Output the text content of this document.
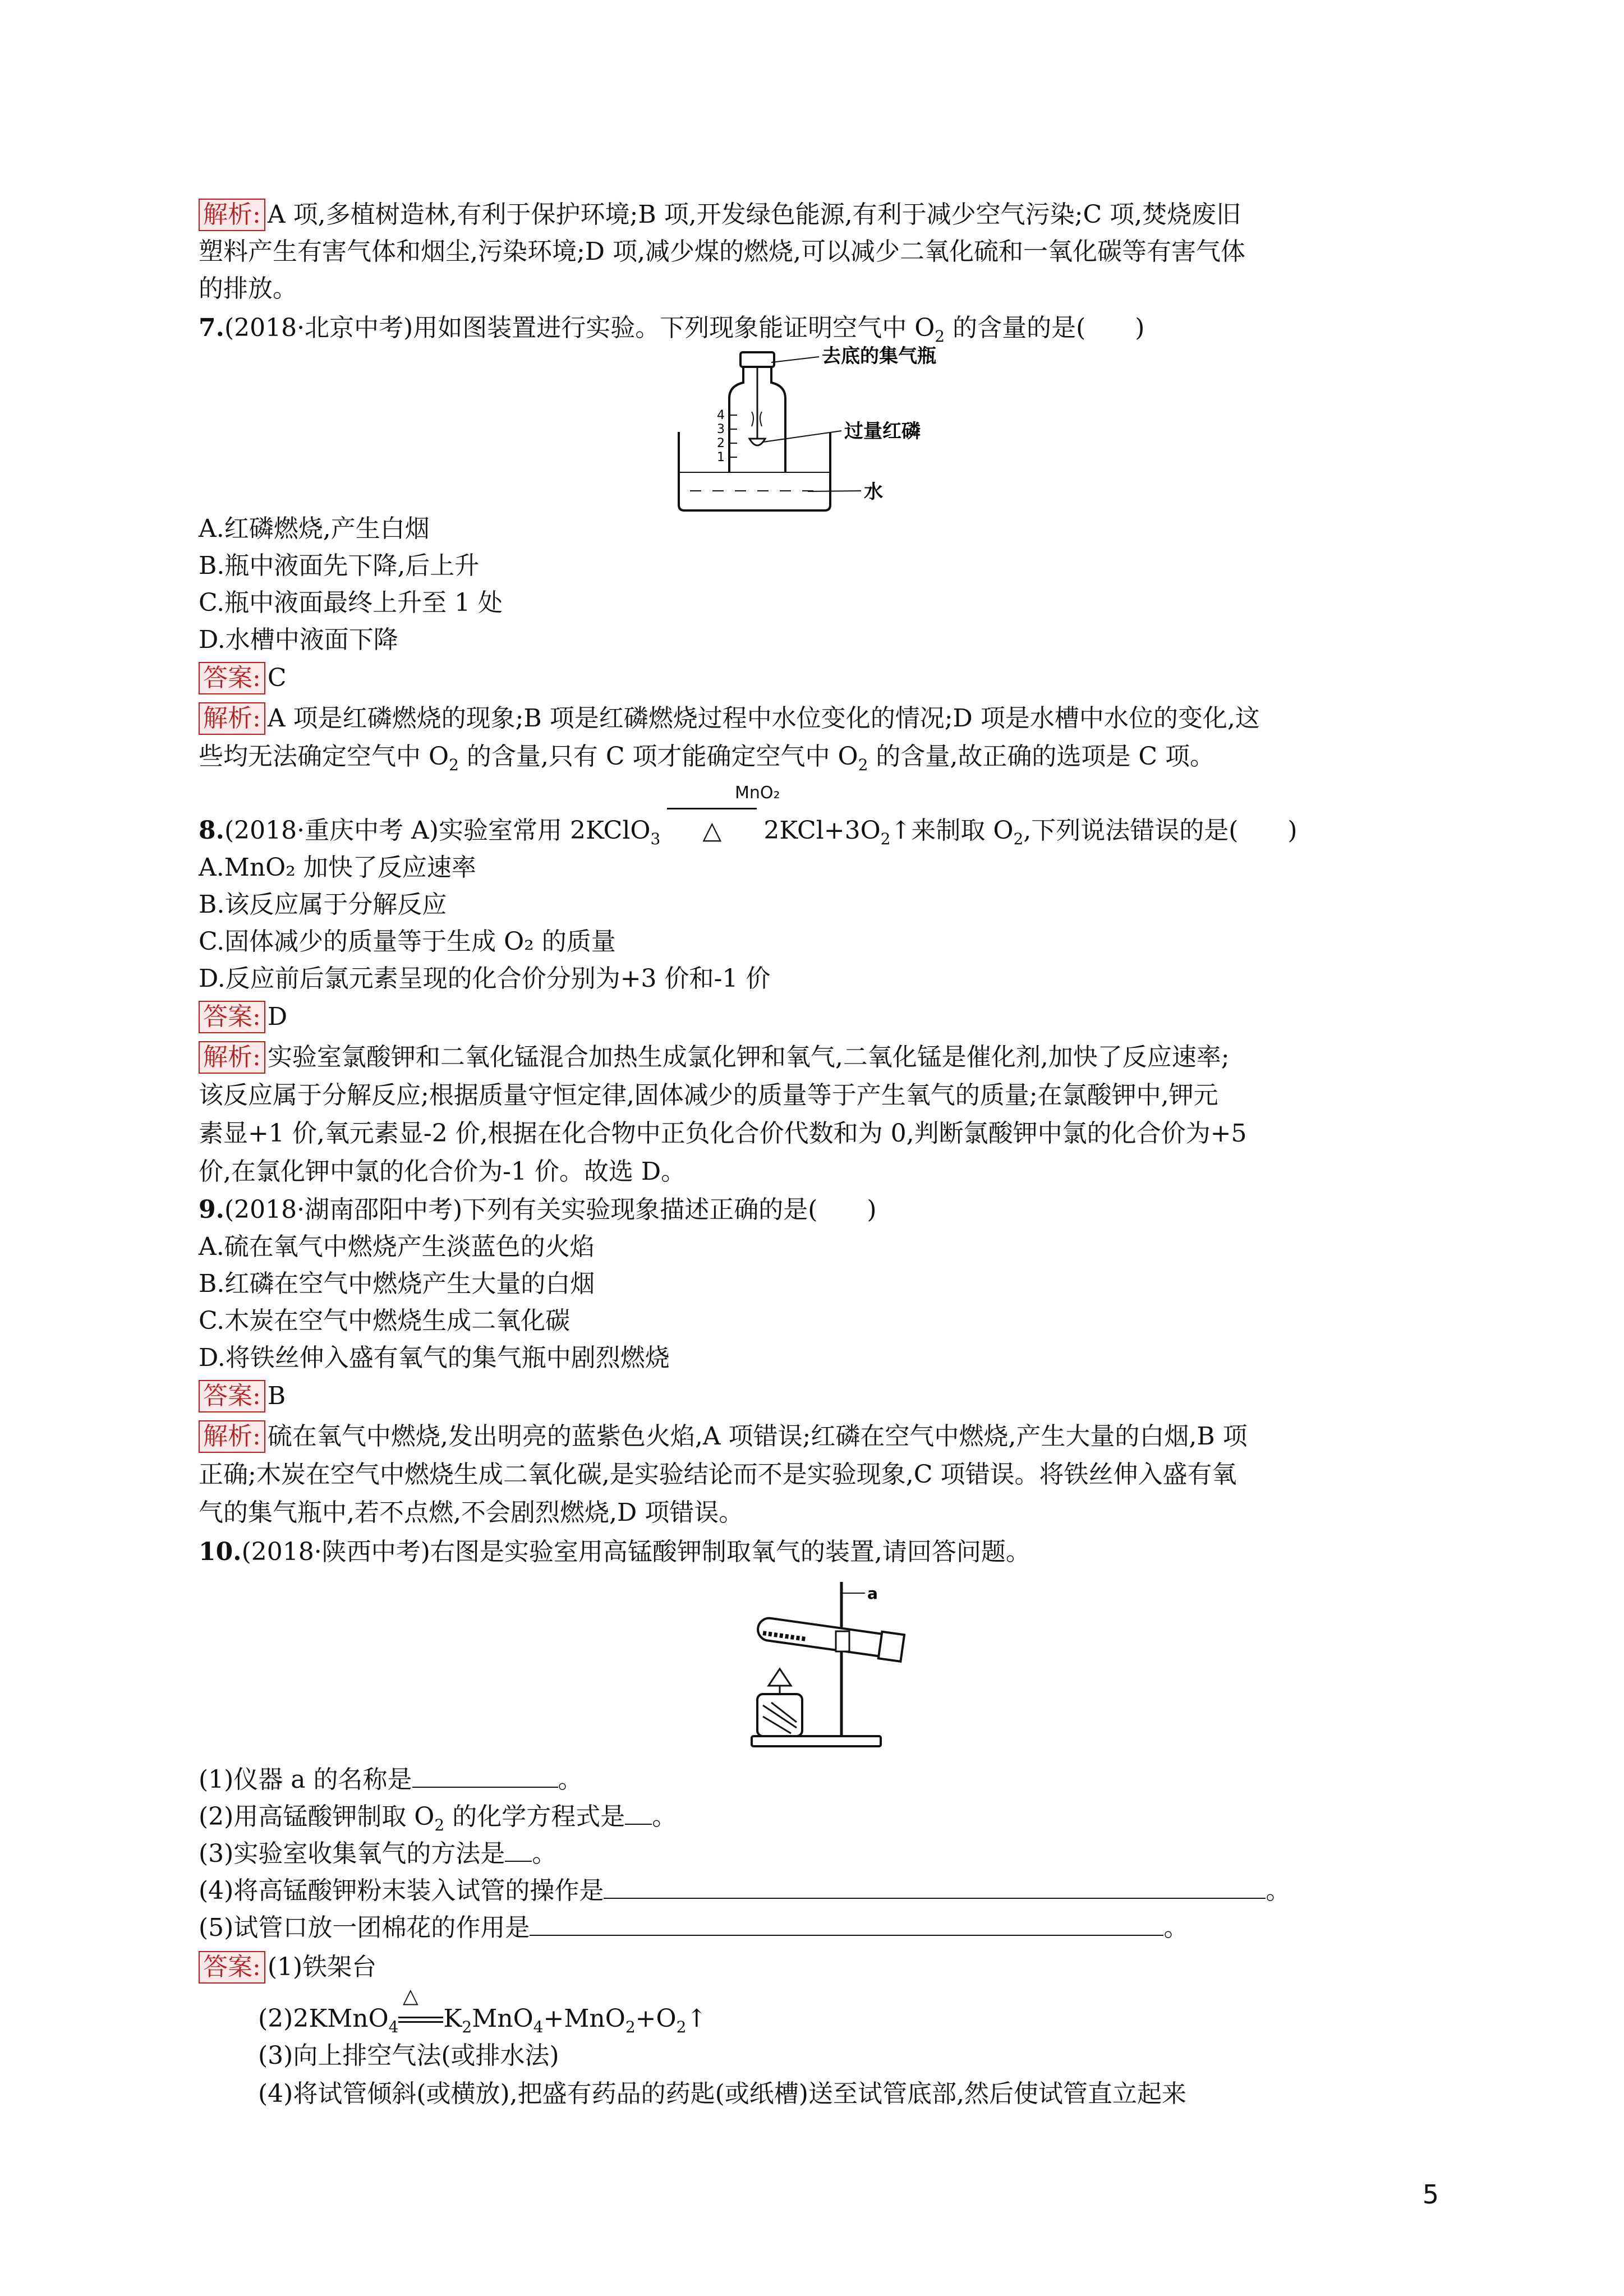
解析: A 项,多植树造林,有利于保护环境;B 项,开发绿色能源,有利于减少空气污染;C 项,焚烧废旧
塑料产生有害气体和烟尘,污染环境;D 项,减少煤的燃烧,可以减少二氧化硫和一氧化碳等有害气体
的排放。
7.(2018·北京中考)用如图装置进行实验。下列现象能证明空气中 $O_2$ 的含量的是(　　)
4
3
2
1
去底的集气瓶
过量红磷
水
A.红磷燃烧,产生白烟
B.瓶中液面先下降,后上升
C.瓶中液面最终上升至 1 处
D.水槽中液面下降
答案: C
解析: A 项是红磷燃烧的现象;B 项是红磷燃烧过程中水位变化的情况;D 项是水槽中水位的变化,这
些均无法确定空气中 $O_2$ 的含量,只有 C 项才能确定空气中 $O_2$ 的含量,故正确的选项是 C 项。
MnO₂
8.(2018·重庆中考 A)实验室常用 2KClO$_3$ △ $2KCl+3O_2↑$来制取 $O_2$,下列说法错误的是(　　)
A.MnO₂ 加快了反应速率
B.该反应属于分解反应
C.固体减少的质量等于生成 O₂ 的质量
D.反应前后氯元素呈现的化合价分别为+3 价和-1 价
答案: D
解析: 实验室氯酸钾和二氧化锰混合加热生成氯化钾和氧气,二氧化锰是催化剂,加快了反应速率;
该反应属于分解反应;根据质量守恒定律,固体减少的质量等于产生氧气的质量;在氯酸钾中,钾元
素显+1 价,氧元素显-2 价,根据在化合物中正负化合价代数和为 0,判断氯酸钾中氯的化合价为+5
价,在氯化钾中氯的化合价为-1 价。故选 D。
9.(2018·湖南邵阳中考)下列有关实验现象描述正确的是(　　)
A.硫在氧气中燃烧产生淡蓝色的火焰
B.红磷在空气中燃烧产生大量的白烟
C.木炭在空气中燃烧生成二氧化碳
D.将铁丝伸入盛有氧气的集气瓶中剧烈燃烧
答案: B
解析: 硫在氧气中燃烧,发出明亮的蓝紫色火焰,A 项错误;红磷在空气中燃烧,产生大量的白烟,B 项
正确;木炭在空气中燃烧生成二氧化碳,是实验结论而不是实验现象,C 项错误。将铁丝伸入盛有氧
气的集气瓶中,若不点燃,不会剧烈燃烧,D 项错误。
10.(2018·陕西中考)右图是实验室用高锰酸钾制取氧气的装置,请回答问题。
a
(1)仪器 a 的名称是	。
(2)用高锰酸钾制取 $O_2$ 的化学方程式是 。
(3)实验室收集氧气的方法是 。
(4)将高锰酸钾粉末装入试管的操作是	。
(5)试管口放一团棉花的作用是	。
答案: (1)铁架台
△
(2)2KMnO$_4$ $K_2MnO_4+MnO_2+O_2↑$
(3)向上排空气法(或排水法)
(4)将试管倾斜(或横放),把盛有药品的药匙(或纸槽)送至试管底部,然后使试管直立起来
5
